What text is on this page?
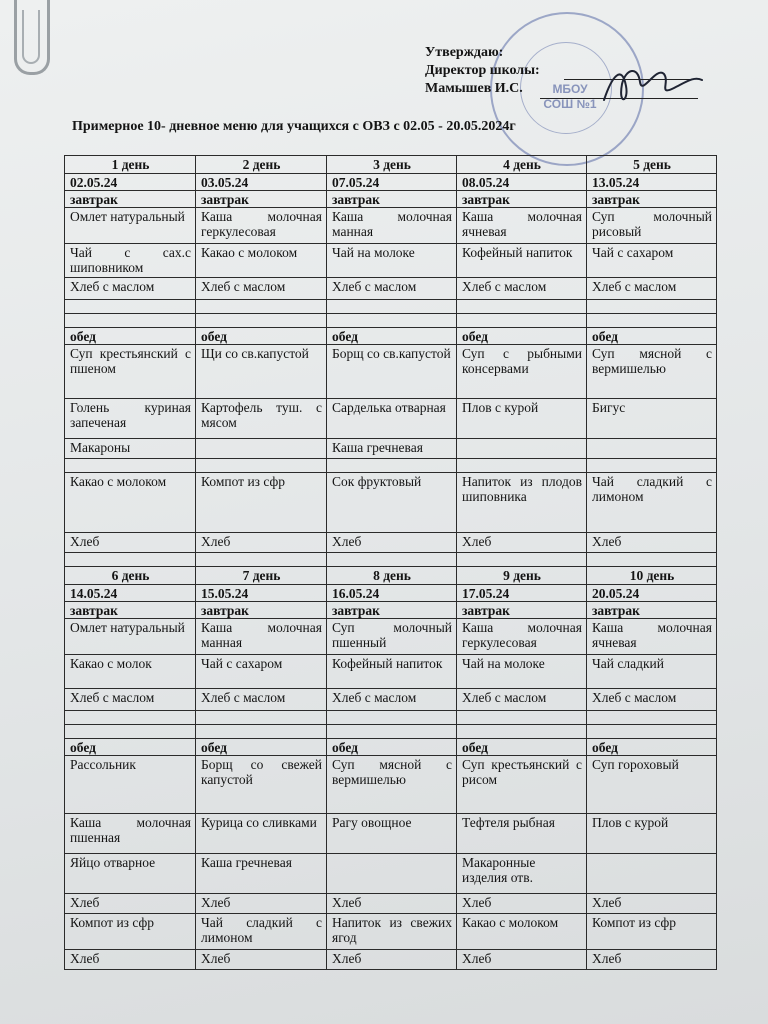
МБОУ
СОШ №1
Утверждаю:
Директор школы:
Мамышев И.С.
Примерное 10- дневное меню для учащихся с ОВЗ с 02.05 - 20.05.2024г
1 день	2 день	3 день	4 день	5 день
02.05.24	03.05.24	07.05.24	08.05.24	13.05.24
завтрак	завтрак	завтрак	завтрак	завтрак
Омлет натуральный	Каша молочная геркулесовая	Каша молочная манная	Каша молочная ячневая	Суп молочный рисовый
Чай с сах.с шиповником	Какао с молоком	Чай на молоке	Кофейный напиток	Чай с сахаром
Хлеб с маслом	Хлеб с маслом	Хлеб с маслом	Хлеб с маслом	Хлеб с маслом

обед	обед	обед	обед	обед
Суп крестьянский с пшеном	Щи со св.капустой	Борщ со св.капустой	Суп с рыбными консервами	Суп мясной с вермишелью
Голень куриная запеченая	Картофель туш. с мясом	Сарделька отварная	Плов с курой	Бигус
Макароны		Каша гречневая		

Какао с молоком	Компот из сфр	Сок фруктовый	Напиток из плодов шиповника	Чай сладкий с лимоном
Хлеб	Хлеб	Хлеб	Хлеб	Хлеб

6 день	7 день	8 день	9 день	10 день
14.05.24	15.05.24	16.05.24	17.05.24	20.05.24
завтрак	завтрак	завтрак	завтрак	завтрак
Омлет натуральный	Каша молочная манная	Суп молочный пшенный	Каша молочная геркулесовая	Каша молочная ячневая
Какао с молок	Чай с сахаром	Кофейный напиток	Чай на молоке	Чай сладкий
Хлеб с маслом	Хлеб с маслом	Хлеб с маслом	Хлеб с маслом	Хлеб с маслом

обед	обед	обед	обед	обед
Рассольник	Борщ со свежей капустой	Суп мясной с вермишелью	Суп крестьянский с рисом	Суп гороховый
Каша молочная пшенная	Курица со сливками	Рагу овощное	Тефтеля рыбная	Плов с курой
Яйцо отварное	Каша гречневая		Макаронные изделия отв.	
Хлеб	Хлеб	Хлеб	Хлеб	Хлеб
Компот из сфр	Чай сладкий с лимоном	Напиток из свежих ягод	Какао с молоком	Компот из сфр
Хлеб	Хлеб	Хлеб	Хлеб	Хлеб
